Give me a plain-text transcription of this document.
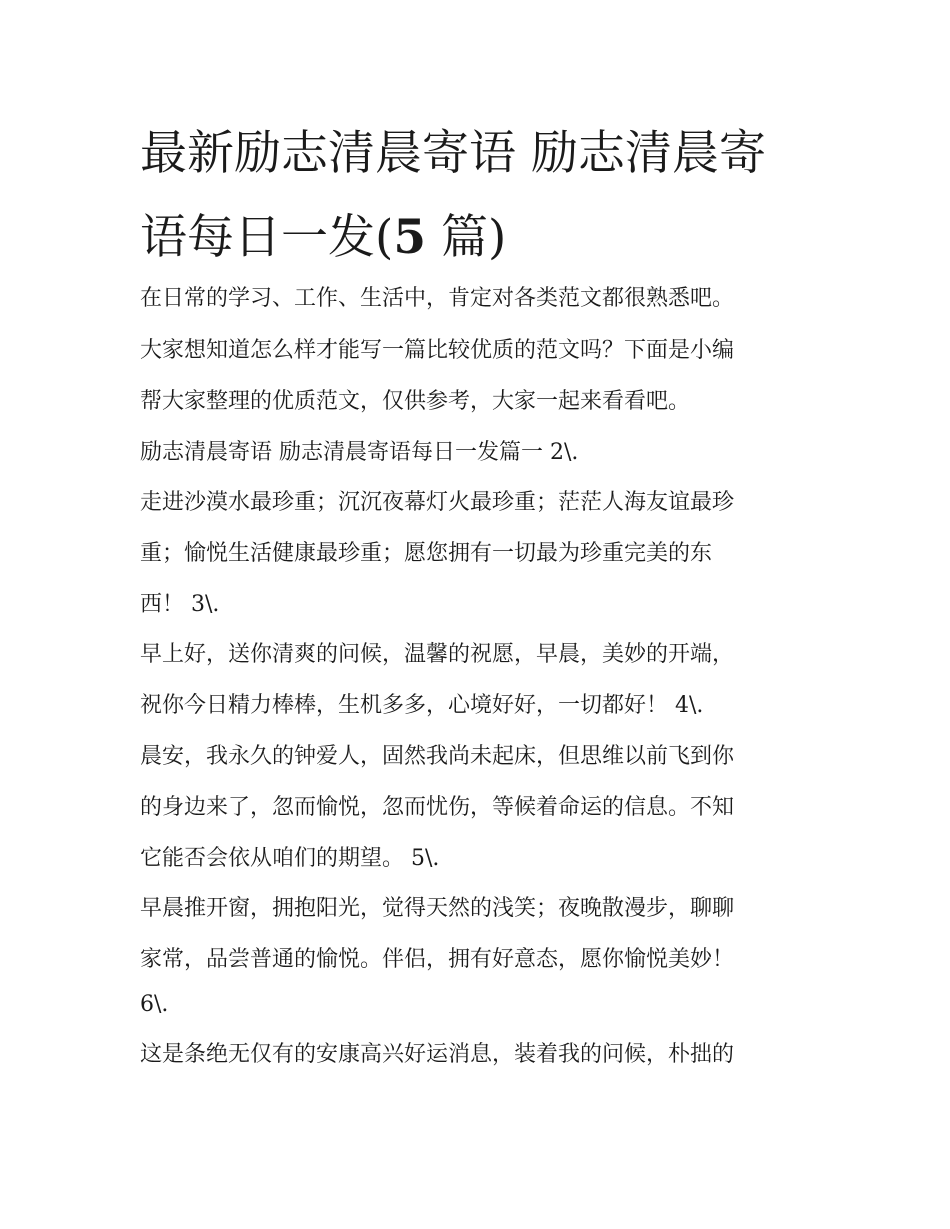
最新励志清晨寄语 励志清晨寄
语每日一发(5 篇)
在日常的学习、工作、生活中，肯定对各类范文都很熟悉吧。
大家想知道怎么样才能写一篇比较优质的范文吗？下面是小编
帮大家整理的优质范文，仅供参考，大家一起来看看吧。
励志清晨寄语 励志清晨寄语每日一发篇一 2\.
走进沙漠水最珍重；沉沉夜幕灯火最珍重；茫茫人海友谊最珍
重；愉悦生活健康最珍重；愿您拥有一切最为珍重完美的东
西！ 3\.
早上好，送你清爽的问候，温馨的祝愿，早晨，美妙的开端，
祝你今日精力棒棒，生机多多，心境好好，一切都好！ 4\.
晨安，我永久的钟爱人，固然我尚未起床，但思维以前飞到你
的身边来了，忽而愉悦，忽而忧伤，等候着命运的信息。不知
它能否会依从咱们的期望。 5\.
早晨推开窗，拥抱阳光，觉得天然的浅笑；夜晚散漫步，聊聊
家常，品尝普通的愉悦。伴侣，拥有好意态，愿你愉悦美妙！
6\.
这是条绝无仅有的安康高兴好运消息，装着我的问候，朴拙的
